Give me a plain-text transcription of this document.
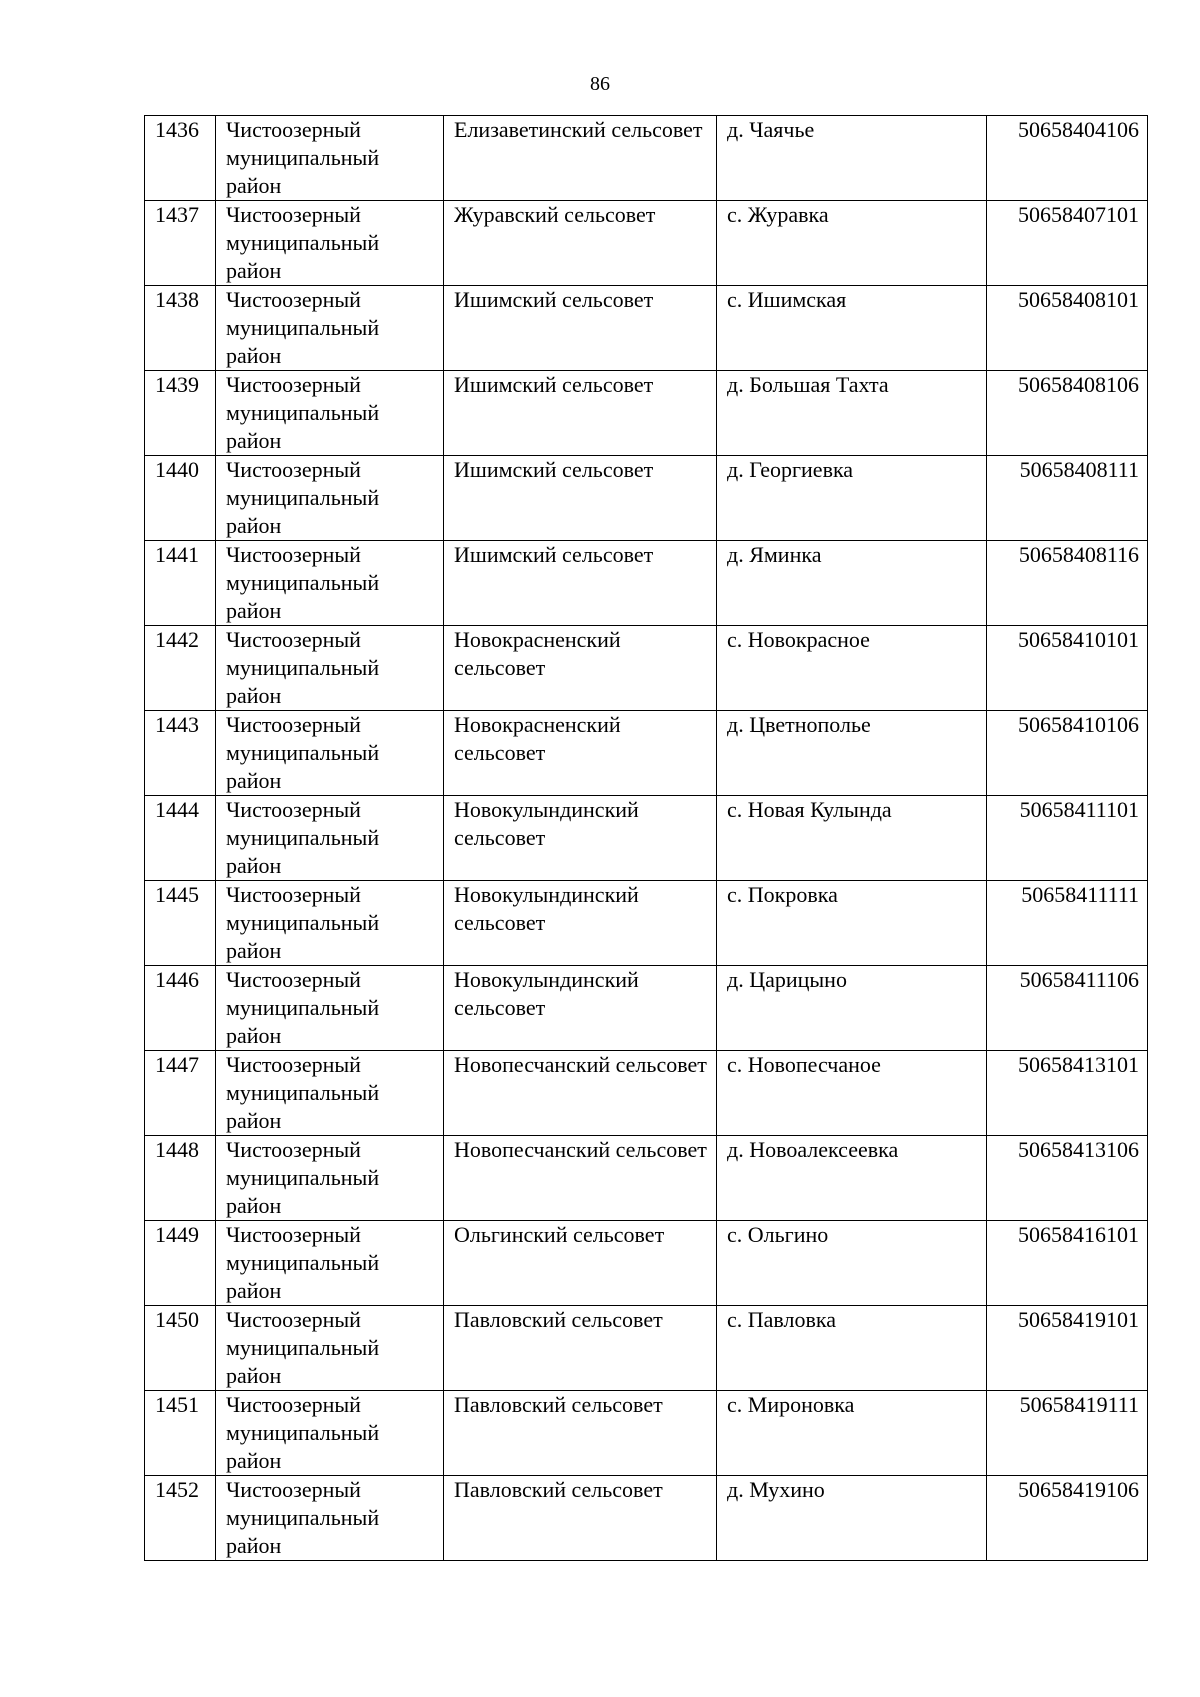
86
1436	Чистоозерный муниципальный район	Елизаветинский сельсовет	д. Чаячье	50658404106
1437	Чистоозерный муниципальный район	Журавский сельсовет	с. Журавка	50658407101
1438	Чистоозерный муниципальный район	Ишимский сельсовет	с. Ишимская	50658408101
1439	Чистоозерный муниципальный район	Ишимский сельсовет	д. Большая Тахта	50658408106
1440	Чистоозерный муниципальный район	Ишимский сельсовет	д. Георгиевка	50658408111
1441	Чистоозерный муниципальный район	Ишимский сельсовет	д. Яминка	50658408116
1442	Чистоозерный муниципальный район	Новокрасненский сельсовет	с. Новокрасное	50658410101
1443	Чистоозерный муниципальный район	Новокрасненский сельсовет	д. Цветнополье	50658410106
1444	Чистоозерный муниципальный район	Новокулындинский сельсовет	с. Новая Кулында	50658411101
1445	Чистоозерный муниципальный район	Новокулындинский сельсовет	с. Покровка	50658411111
1446	Чистоозерный муниципальный район	Новокулындинский сельсовет	д. Царицыно	50658411106
1447	Чистоозерный муниципальный район	Новопесчанский сельсовет	с. Новопесчаное	50658413101
1448	Чистоозерный муниципальный район	Новопесчанский сельсовет	д. Новоалексеевка	50658413106
1449	Чистоозерный муниципальный район	Ольгинский сельсовет	с. Ольгино	50658416101
1450	Чистоозерный муниципальный район	Павловский сельсовет	с. Павловка	50658419101
1451	Чистоозерный муниципальный район	Павловский сельсовет	с. Мироновка	50658419111
1452	Чистоозерный муниципальный район	Павловский сельсовет	д. Мухино	50658419106
